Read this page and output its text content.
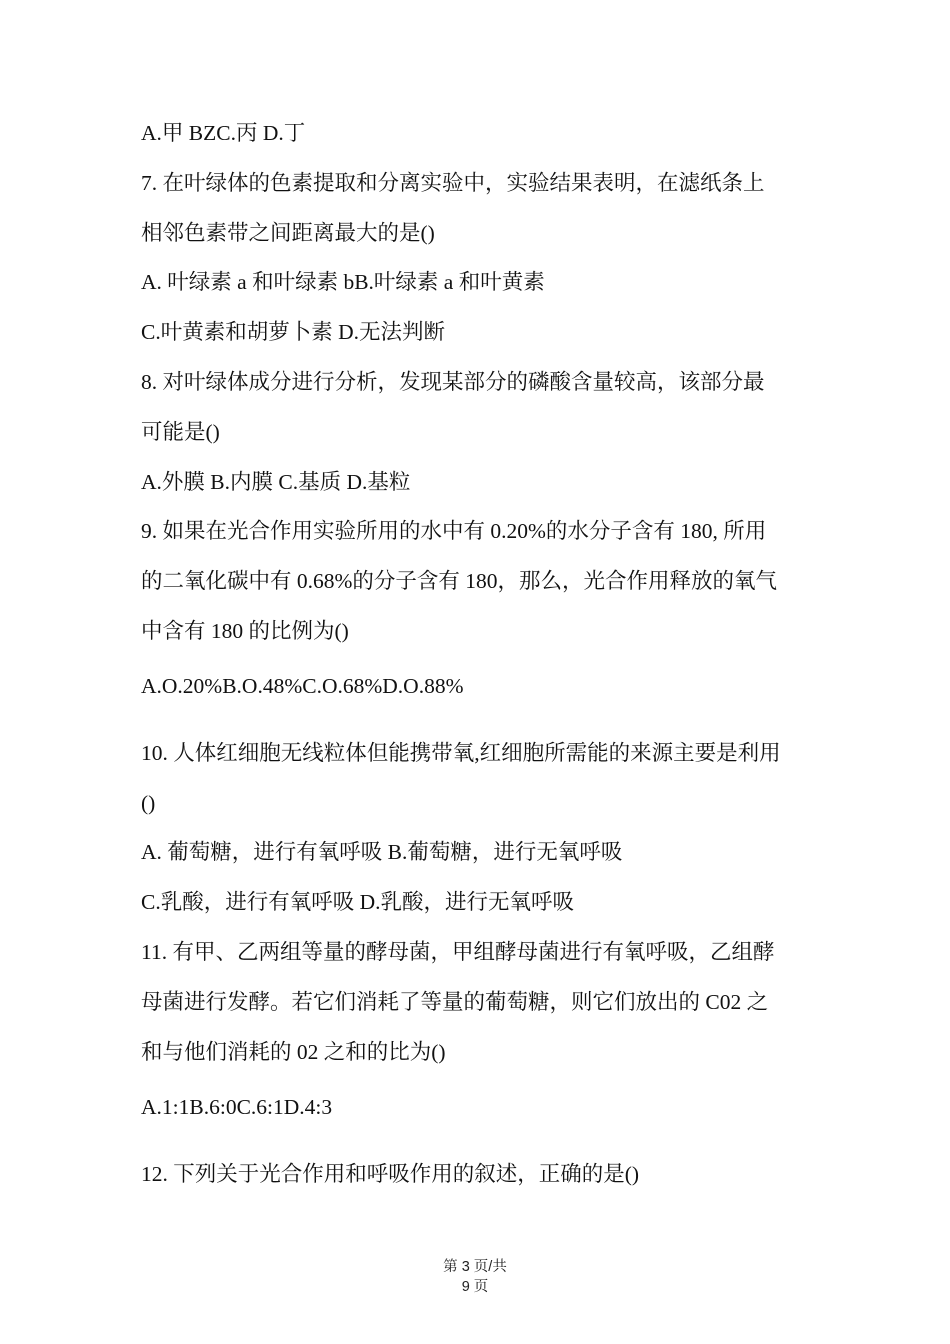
A.甲 BZC.丙 D.丁
7. 在叶绿体的色素提取和分离实验中，实验结果表明，在滤纸条上
相邻色素带之间距离最大的是()
A. 叶绿素 a 和叶绿素 bB.叶绿素 a 和叶黄素
C.叶黄素和胡萝卜素 D.无法判断
8. 对叶绿体成分进行分析，发现某部分的磷酸含量较高，该部分最
可能是()
A.外膜 B.内膜 C.基质 D.基粒
9. 如果在光合作用实验所用的水中有 0.20%的水分子含有 180, 所用
的二氧化碳中有 0.68%的分子含有 180，那么，光合作用释放的氧气
中含有 180 的比例为()
A.O.20%B.O.48%C.O.68%D.O.88%
10. 人体红细胞无线粒体但能携带氧,红细胞所需能的来源主要是利用
()
A. 葡萄糖，进行有氧呼吸 B.葡萄糖，进行无氧呼吸
C.乳酸，进行有氧呼吸 D.乳酸，进行无氧呼吸
11. 有甲、乙两组等量的酵母菌，甲组酵母菌进行有氧呼吸，乙组酵
母菌进行发酵。若它们消耗了等量的葡萄糖，则它们放出的 C02 之
和与他们消耗的 02 之和的比为()
A.1:1B.6:0C.6:1D.4:3
12. 下列关于光合作用和呼吸作用的叙述，正确的是()
第 3 页/共
9 页
